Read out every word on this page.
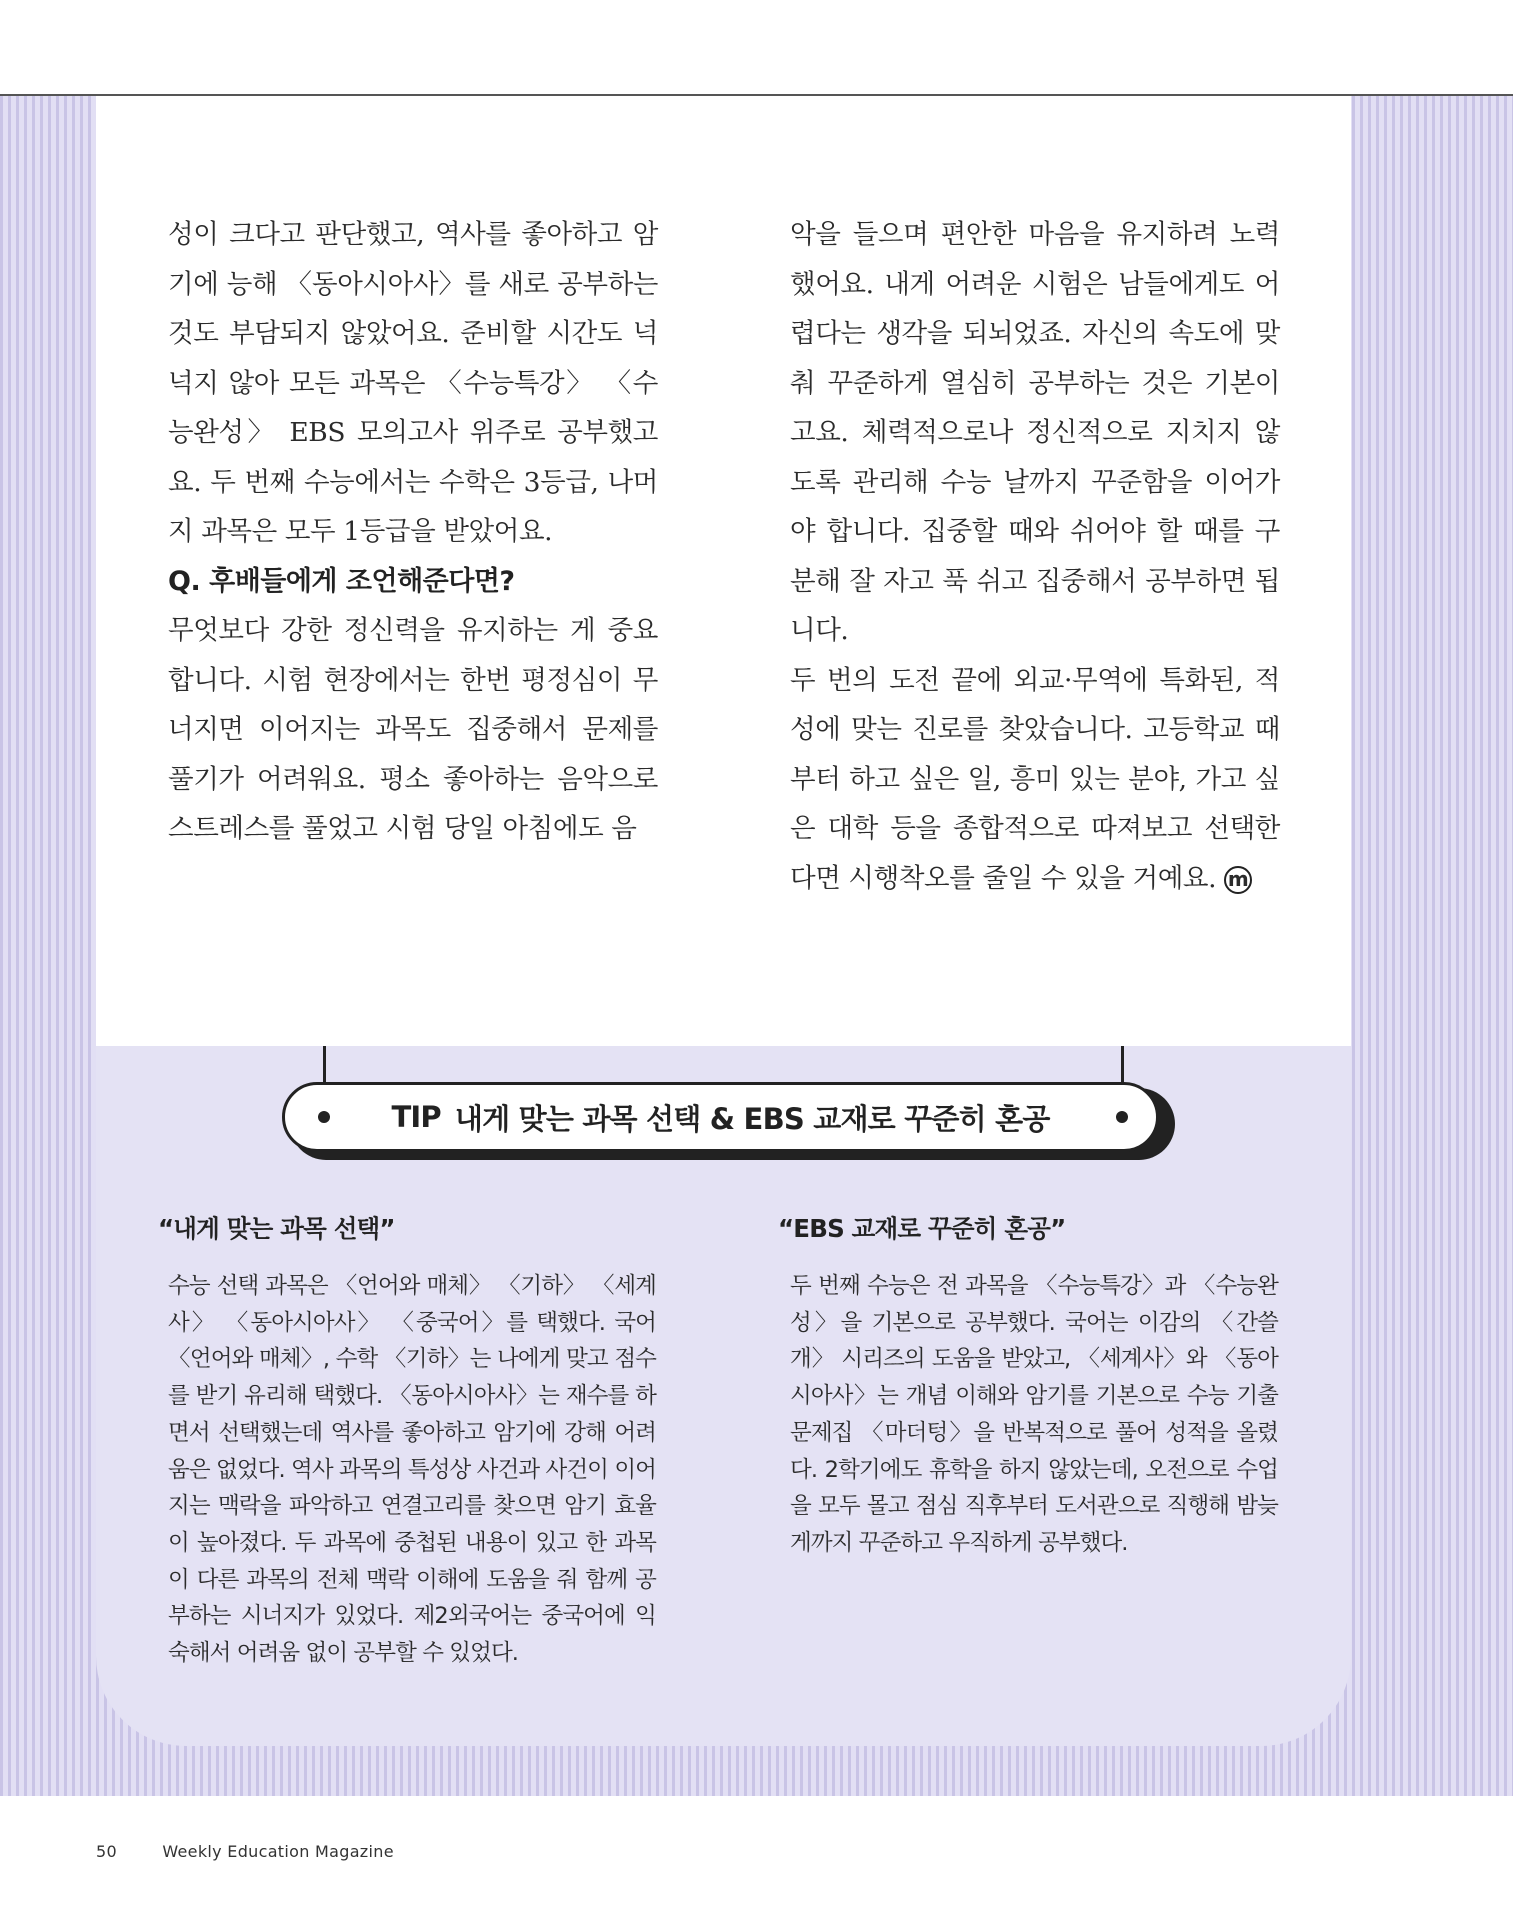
성이 크다고 판단했고, 역사를 좋아하고 암기에 능해 〈동아시아사〉를 새로 공부하는 것도 부담되지 않았어요. 준비할 시간도 넉넉지 않아 모든 과목은 〈수능특강〉 〈수능완성〉 EBS 모의고사 위주로 공부했고요. 두 번째 수능에서는 수학은 3등급, 나머지 과목은 모두 1등급을 받았어요.

Q. 후배들에게 조언해준다면?

무엇보다 강한 정신력을 유지하는 게 중요합니다. 시험 현장에서는 한번 평정심이 무너지면 이어지는 과목도 집중해서 문제를 풀기가 어려워요. 평소 좋아하는 음악으로 스트레스를 풀었고 시험 당일 아침에도 음

악을 들으며 편안한 마음을 유지하려 노력했어요. 내게 어려운 시험은 남들에게도 어렵다는 생각을 되뇌었죠. 자신의 속도에 맞춰 꾸준하게 열심히 공부하는 것은 기본이고요. 체력적으로나 정신적으로 지치지 않도록 관리해 수능 날까지 꾸준함을 이어가야 합니다. 집중할 때와 쉬어야 할 때를 구분해 잘 자고 푹 쉬고 집중해서 공부하면 됩니다.

두 번의 도전 끝에 외교·무역에 특화된, 적성에 맞는 진로를 찾았습니다. 고등학교 때부터 하고 싶은 일, 흥미 있는 분야, 가고 싶은 대학 등을 종합적으로 따져보고 선택한다면 시행착오를 줄일 수 있을 거예요. m

TIP 내게 맞는 과목 선택 & EBS 교재로 꾸준히 혼공
“내게 맞는 과목 선택”
수능 선택 과목은 〈언어와 매체〉 〈기하〉 〈세계사〉 〈동아시아사〉 〈중국어〉를 택했다. 국어 〈언어와 매체〉, 수학 〈기하〉는 나에게 맞고 점수를 받기 유리해 택했다. 〈동아시아사〉는 재수를 하면서 선택했는데 역사를 좋아하고 암기에 강해 어려움은 없었다. 역사 과목의 특성상 사건과 사건이 이어지는 맥락을 파악하고 연결고리를 찾으면 암기 효율이 높아졌다. 두 과목에 중첩된 내용이 있고 한 과목이 다른 과목의 전체 맥락 이해에 도움을 줘 함께 공부하는 시너지가 있었다. 제2외국어는 중국어에 익숙해서 어려움 없이 공부할 수 있었다.
“EBS 교재로 꾸준히 혼공”
두 번째 수능은 전 과목을 〈수능특강〉과 〈수능완성〉을 기본으로 공부했다. 국어는 이감의 〈간쓸개〉 시리즈의 도움을 받았고, 〈세계사〉와 〈동아시아사〉는 개념 이해와 암기를 기본으로 수능 기출문제집 〈마더텅〉을 반복적으로 풀어 성적을 올렸다. 2학기에도 휴학을 하지 않았는데, 오전으로 수업을 모두 몰고 점심 직후부터 도서관으로 직행해 밤늦게까지 꾸준하고 우직하게 공부했다.
50	Weekly Education Magazine
